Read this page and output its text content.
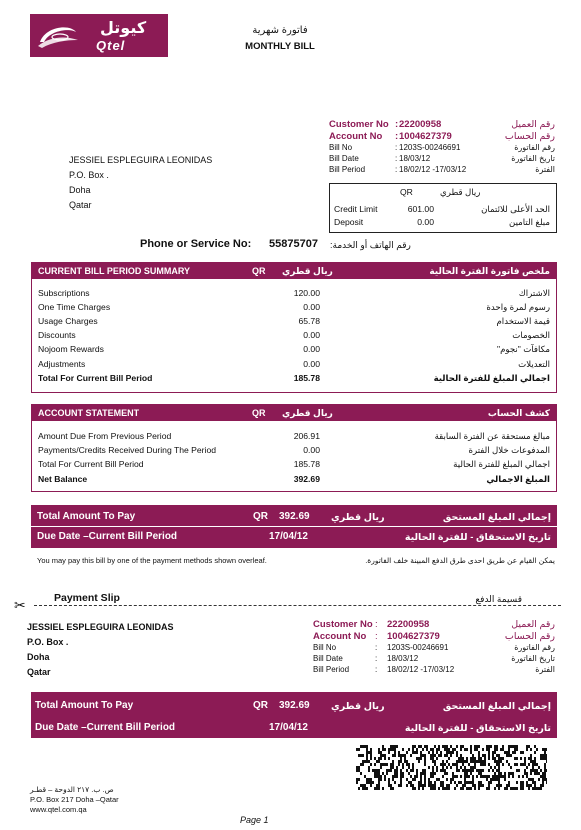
كيوتل
Qtel
فاتورة شهرية
MONTHLY BILL
Customer No : 22200958	رقم العميل
Account No : 1004627379	رقم الحساب
Bill No	: 1203S-00246691	رقم الفاتورة
Bill Date	: 18/03/12	تاريخ الفاتورة
Bill Period	: 18/02/12 -17/03/12	الفترة
QR	ريال قطري
Credit Limit	601.00	الحد الأعلى للائتمان
Deposit	0.00	مبلغ التامين
JESSIEL ESPLEGUIRA LEONIDAS
P.O. Box .
Doha
Qatar
Phone or Service No: 55875707 رقم الهاتف أو الخدمة:
CURRENT BILL PERIOD SUMMARY	QR ريال قطري	ملخص فاتورة الفترة الحالية
Subscriptions	120.00	الاشتراك
One Time Charges	0.00	رسوم لمرة واحدة
Usage Charges	65.78	قيمة الاستخدام
Discounts	0.00	الخصومات
Nojoom Rewards	0.00	مكافآت "نجوم"
Adjustments	0.00	التعديلات
Total For Current Bill Period	185.78	اجمالي المبلغ للفترة الحالية
ACCOUNT STATEMENT	QR ريال قطري	كشف الحساب
Amount Due From Previous Period	206.91	مبالغ مستحقة عن الفترة السابقة
Payments/Credits Received During The Period	0.00	المدفوعات خلال الفترة
Total For Current Bill Period	185.78	اجمالي المبلغ للفترة الحالية
Net Balance	392.69	المبلغ الاجمالي
Total Amount To Pay	QR 392.69 ريال قطري	إجمالي المبلغ المستحق
Due Date –Current Bill Period	17/04/12	تاريخ الاستحقاق - للفترة الحالية
You may pay this bill by one of the payment methods shown overleaf.	يمكن القيام عن طريق احدى طرق الدفع المبينة خلف الفاتورة.
✂	Payment Slip	قسيمة الدفع
JESSIEL ESPLEGUIRA LEONIDAS
P.O. Box .
Doha
Qatar
Customer No : 22200958	رقم العميل
Account No : 1004627379	رقم الحساب
Bill No	: 1203S-00246691	رقم الفاتورة
Bill Date	: 18/03/12	تاريخ الفاتورة
Bill Period	: 18/02/12 -17/03/12	الفترة
Total Amount To Pay	QR 392.69 ريال قطري	إجمالي المبلغ المستحق
Due Date –Current Bill Period	17/04/12	تاريخ الاستحقاق - للفترة الحالية
ص. ب. ٢١٧ الدوحة – قطـر
P.O. Box 217 Doha –Qatar
www.qtel.com.qa
Page 1
